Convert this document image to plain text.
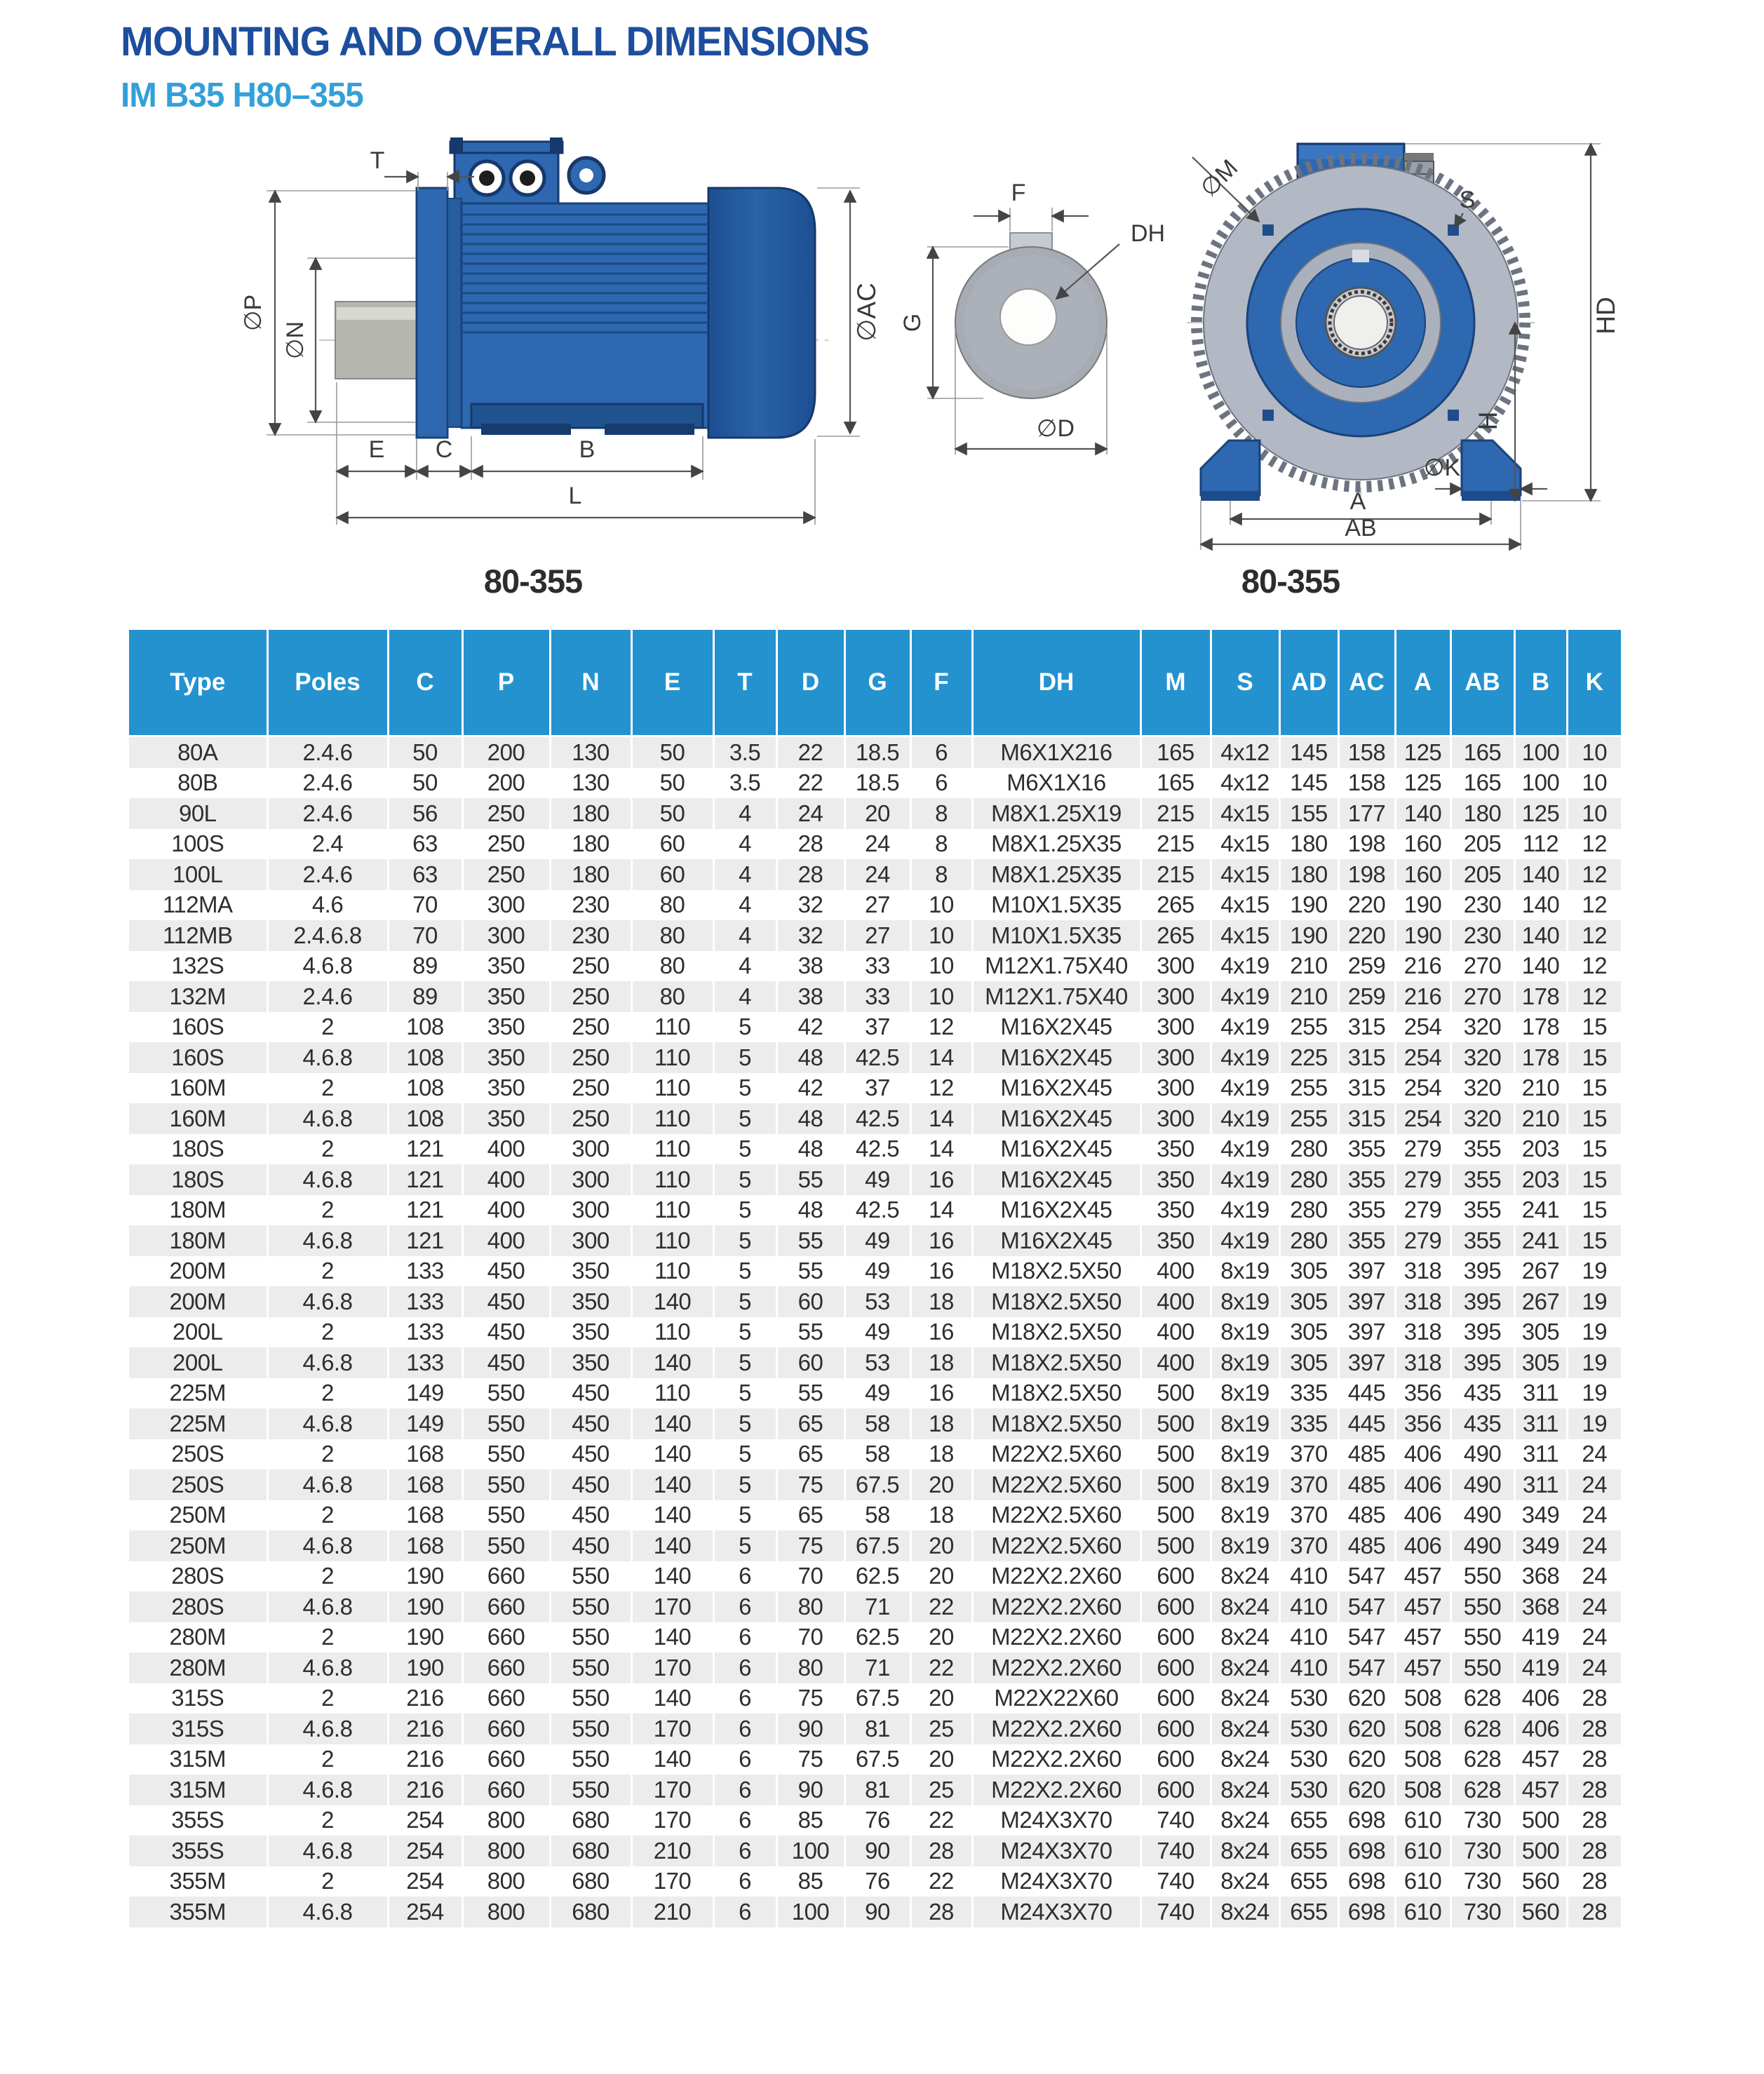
MOUNTING AND OVERALL DIMENSIONS
IM B35 H80–355
T
∅P
∅N	∅AC
E C	B
L
80-355
F
DH
G
∅D
∅M	S
HD
H
∅K
A
AB
80-355
Type	Poles	C	P	N	E	T	D	G	F	DH	M	S	AD	AC	A	AB	B	K
80A	2.4.6	50	200	130	50	3.5	22	18.5	6	M6X1X216	165	4x12	145	158	125	165	100	10
80B	2.4.6	50	200	130	50	3.5	22	18.5	6	M6X1X16	165	4x12	145	158	125	165	100	10
90L	2.4.6	56	250	180	50	4	24	20	8	M8X1.25X19	215	4x15	155	177	140	180	125	10
100S	2.4	63	250	180	60	4	28	24	8	M8X1.25X35	215	4x15	180	198	160	205	112	12
100L	2.4.6	63	250	180	60	4	28	24	8	M8X1.25X35	215	4x15	180	198	160	205	140	12
112MA	4.6	70	300	230	80	4	32	27	10	M10X1.5X35	265	4x15	190	220	190	230	140	12
112MB	2.4.6.8	70	300	230	80	4	32	27	10	M10X1.5X35	265	4x15	190	220	190	230	140	12
132S	4.6.8	89	350	250	80	4	38	33	10	M12X1.75X40	300	4x19	210	259	216	270	140	12
132M	2.4.6	89	350	250	80	4	38	33	10	M12X1.75X40	300	4x19	210	259	216	270	178	12
160S	2	108	350	250	110	5	42	37	12	M16X2X45	300	4x19	255	315	254	320	178	15
160S	4.6.8	108	350	250	110	5	48	42.5	14	M16X2X45	300	4x19	225	315	254	320	178	15
160M	2	108	350	250	110	5	42	37	12	M16X2X45	300	4x19	255	315	254	320	210	15
160M	4.6.8	108	350	250	110	5	48	42.5	14	M16X2X45	300	4x19	255	315	254	320	210	15
180S	2	121	400	300	110	5	48	42.5	14	M16X2X45	350	4x19	280	355	279	355	203	15
180S	4.6.8	121	400	300	110	5	55	49	16	M16X2X45	350	4x19	280	355	279	355	203	15
180M	2	121	400	300	110	5	48	42.5	14	M16X2X45	350	4x19	280	355	279	355	241	15
180M	4.6.8	121	400	300	110	5	55	49	16	M16X2X45	350	4x19	280	355	279	355	241	15
200M	2	133	450	350	110	5	55	49	16	M18X2.5X50	400	8x19	305	397	318	395	267	19
200M	4.6.8	133	450	350	140	5	60	53	18	M18X2.5X50	400	8x19	305	397	318	395	267	19
200L	2	133	450	350	110	5	55	49	16	M18X2.5X50	400	8x19	305	397	318	395	305	19
200L	4.6.8	133	450	350	140	5	60	53	18	M18X2.5X50	400	8x19	305	397	318	395	305	19
225M	2	149	550	450	110	5	55	49	16	M18X2.5X50	500	8x19	335	445	356	435	311	19
225M	4.6.8	149	550	450	140	5	65	58	18	M18X2.5X50	500	8x19	335	445	356	435	311	19
250S	2	168	550	450	140	5	65	58	18	M22X2.5X60	500	8x19	370	485	406	490	311	24
250S	4.6.8	168	550	450	140	5	75	67.5	20	M22X2.5X60	500	8x19	370	485	406	490	311	24
250M	2	168	550	450	140	5	65	58	18	M22X2.5X60	500	8x19	370	485	406	490	349	24
250M	4.6.8	168	550	450	140	5	75	67.5	20	M22X2.5X60	500	8x19	370	485	406	490	349	24
280S	2	190	660	550	140	6	70	62.5	20	M22X2.2X60	600	8x24	410	547	457	550	368	24
280S	4.6.8	190	660	550	170	6	80	71	22	M22X2.2X60	600	8x24	410	547	457	550	368	24
280M	2	190	660	550	140	6	70	62.5	20	M22X2.2X60	600	8x24	410	547	457	550	419	24
280M	4.6.8	190	660	550	170	6	80	71	22	M22X2.2X60	600	8x24	410	547	457	550	419	24
315S	2	216	660	550	140	6	75	67.5	20	M22X22X60	600	8x24	530	620	508	628	406	28
315S	4.6.8	216	660	550	170	6	90	81	25	M22X2.2X60	600	8x24	530	620	508	628	406	28
315M	2	216	660	550	140	6	75	67.5	20	M22X2.2X60	600	8x24	530	620	508	628	457	28
315M	4.6.8	216	660	550	170	6	90	81	25	M22X2.2X60	600	8x24	530	620	508	628	457	28
355S	2	254	800	680	170	6	85	76	22	M24X3X70	740	8x24	655	698	610	730	500	28
355S	4.6.8	254	800	680	210	6	100	90	28	M24X3X70	740	8x24	655	698	610	730	500	28
355M	2	254	800	680	170	6	85	76	22	M24X3X70	740	8x24	655	698	610	730	560	28
355M	4.6.8	254	800	680	210	6	100	90	28	M24X3X70	740	8x24	655	698	610	730	560	28
